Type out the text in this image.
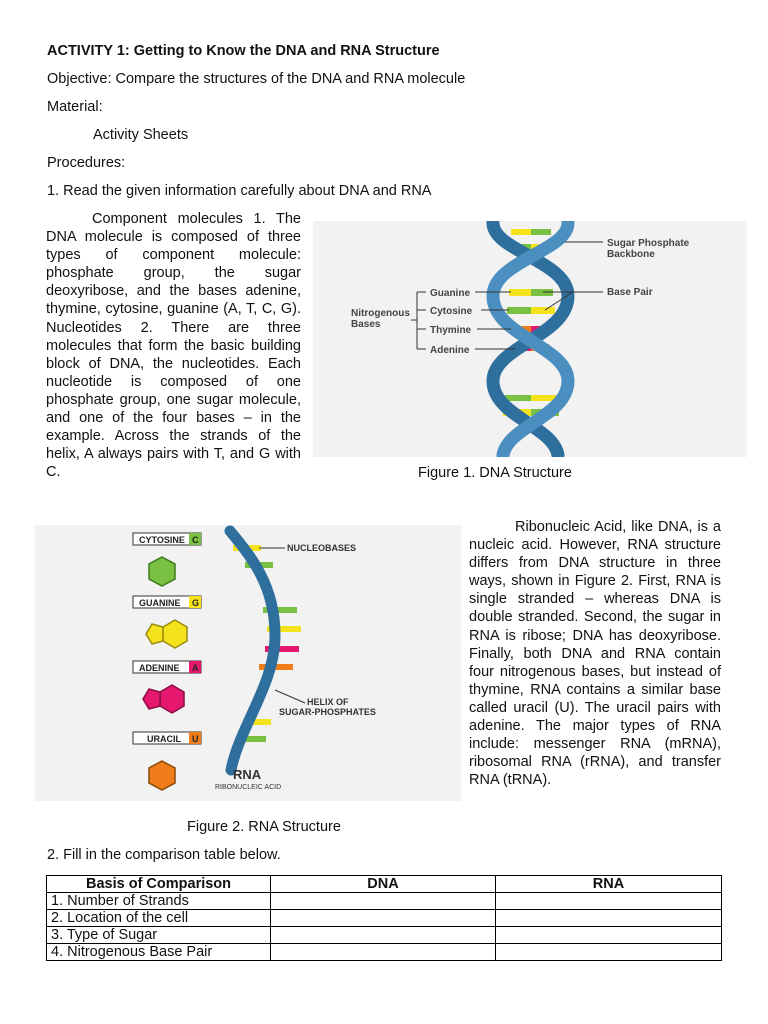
ACTIVITY 1: Getting to Know the DNA and RNA Structure
Objective: Compare the structures of the DNA and RNA molecule
Material:
Activity Sheets
Procedures:
1. Read the given information carefully about DNA and RNA

Component molecules 1. The DNA molecule is composed of three types of component molecule: phosphate group, the sugar deoxyribose, and the bases adenine, thymine, cytosine, guanine (A, T, C, G). Nucleotides 2. There are three molecules that form the basic building block of DNA, the nucleotides. Each nucleotide is composed of one phosphate group, one sugar molecule, and one of the four bases – in the example. Across the strands of the helix, A always pairs with T, and G with C.

Sugar Phosphate
Backbone
Base Pair
Nitrogenous
Bases
Guanine
Cytosine
Thymine
Adenine
Figure 1. DNA Structure
CYTOSINE C
GUANINE G
ADENINE A
URACIL U
NUCLEOBASES
HELIX OF
SUGAR-PHOSPHATES
RNA
RIBONUCLEIC ACID
Figure 2. RNA Structure

Ribonucleic Acid, like DNA, is a nucleic acid. However, RNA structure differs from DNA structure in three ways, shown in Figure 2. First, RNA is single stranded – whereas DNA is double stranded. Second, the sugar in RNA is ribose; DNA has deoxyribose. Finally, both DNA and RNA contain four nitrogenous bases, but instead of thymine, RNA contains a similar base called uracil (U). The uracil pairs with adenine. The major types of RNA include: messenger RNA (mRNA), ribosomal RNA (rRNA), and transfer RNA (tRNA).

2. Fill in the comparison table below.
Basis of Comparison	DNA	RNA
1. Number of Strands		
2. Location of the cell		
3. Type of Sugar		
4. Nitrogenous Base Pair		
